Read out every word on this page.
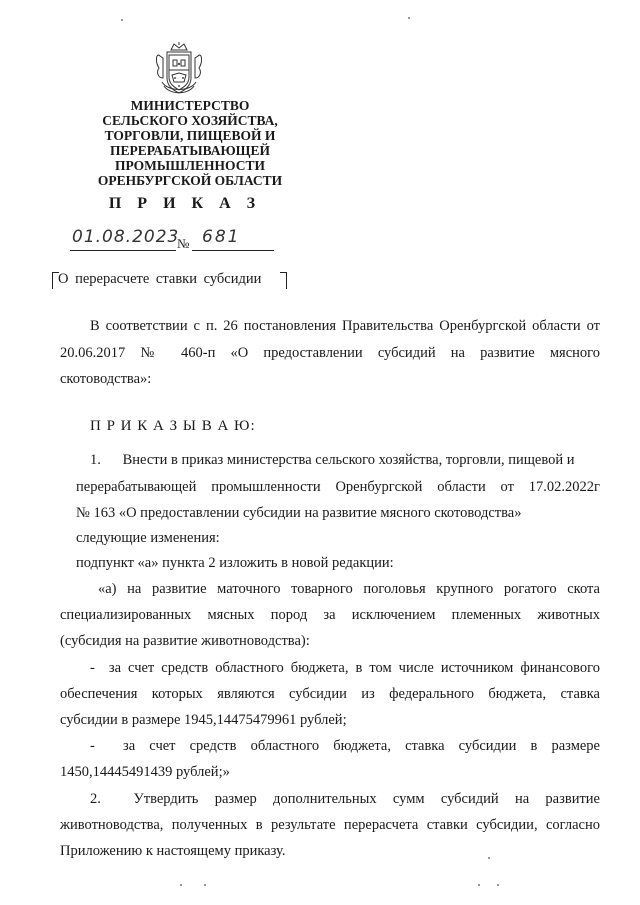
МИНИСТЕРСТВО
СЕЛЬСКОГО ХОЗЯЙСТВА,
ТОРГОВЛИ, ПИЩЕВОЙ И
ПЕРЕРАБАТЫВАЮЩЕЙ
ПРОМЫШЛЕННОСТИ
ОРЕНБУРГСКОЙ ОБЛАСТИ
П Р И К А З
01.08.2023
№ 681
О перерасчете ставки субсидии
В соответствии с п. 26 постановления Правительства Оренбургской области от
20.06.2017 № 460-п «О предоставлении субсидий на развитие мясного
скотоводства»:
П Р И К А З Ы В А Ю:
1.      Внести в приказ министерства сельского хозяйства, торговли, пищевой и
перерабатывающей промышленности Оренбургской области от 17.02.2022г
№ 163 «О предоставлении субсидии на развитие мясного скотоводства»
следующие изменения:
подпункт «а» пункта 2 изложить в новой редакции:
«а) на развитие маточного товарного поголовья крупного рогатого скота
специализированных мясных пород за исключением племенных животных
(субсидия на развитие животноводства):
-  за счет средств областного бюджета, в том числе источником финансового
обеспечения которых являются субсидии из федерального бюджета, ставка
субсидии в размере 1945,14475479961 рублей;
-  за счет средств областного бюджета, ставка субсидии в размере
1450,14445491439 рублей;»
2.  Утвердить размер дополнительных сумм субсидий на развитие
животноводства, полученных в результате перерасчета ставки субсидии, согласно
Приложению к настоящему приказу.
